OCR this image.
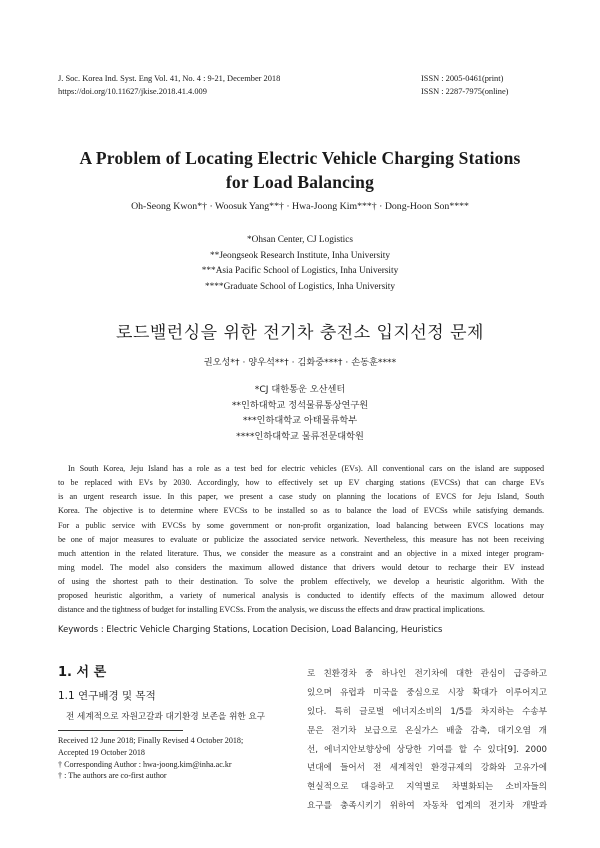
J. Soc. Korea Ind. Syst. Eng Vol. 41, No. 4 : 9-21, December 2018
https://doi.org/10.11627/jkise.2018.41.4.009
ISSN : 2005-0461(print)
ISSN : 2287-7975(online)
A Problem of Locating Electric Vehicle Charging Stations
for Load Balancing
Oh-Seong Kwon*† · Woosuk Yang**† · Hwa-Joong Kim***† · Dong-Hoon Son****
*Ohsan Center, CJ Logistics
**Jeongseok Research Institute, Inha University
***Asia Pacific School of Logistics, Inha University
****Graduate School of Logistics, Inha University
로드밸런싱을 위한 전기차 충전소 입지선정 문제
권오성*† · 양우석**† · 김화중***† · 손동훈****
*CJ 대한통운 오산센터
**인하대학교 정석물류통상연구원
***인하대학교 아태물류학부
****인하대학교 물류전문대학원
In South Korea, Jeju Island has a role as a test bed for electric vehicles (EVs). All conventional cars on the island are supposed
to be replaced with EVs by 2030. Accordingly, how to effectively set up EV charging stations (EVCSs) that can charge EVs
is an urgent research issue. In this paper, we present a case study on planning the locations of EVCS for Jeju Island, South
Korea. The objective is to determine where EVCSs to be installed so as to balance the load of EVCSs while satisfying demands.
For a public service with EVCSs by some government or non-profit organization, load balancing between EVCS locations may
be one of major measures to evaluate or publicize the associated service network. Nevertheless, this measure has not been receiving
much attention in the related literature. Thus, we consider the measure as a constraint and an objective in a mixed integer program-
ming model. The model also considers the maximum allowed distance that drivers would detour to recharge their EV instead
of using the shortest path to their destination. To solve the problem effectively, we develop a heuristic algorithm. With the
proposed heuristic algorithm, a variety of numerical analysis is conducted to identify effects of the maximum allowed detour
distance and the tightness of budget for installing EVCSs. From the analysis, we discuss the effects and draw practical implications.
Keywords : Electric Vehicle Charging Stations, Location Decision, Load Balancing, Heuristics
1. 서 론
1.1 연구배경 및 목적
전 세계적으로 자원고갈과 대기환경 보존을 위한 요구
Received 12 June 2018; Finally Revised 4 October 2018;
Accepted 19 October 2018
† Corresponding Author : hwa-joong.kim@inha.ac.kr
† : The authors are co-first author
로 친환경차 중 하나인 전기차에 대한 관심이 급증하고
있으며 유럽과 미국을 중심으로 시장 확대가 이루어지고
있다. 특히 글로벌 에너지소비의 1/5를 차지하는 수송부
문은 전기차 보급으로 온실가스 배출 감축, 대기오염 개
선, 에너지안보향상에 상당한 기여를 할 수 있다[9]. 2000
년대에 들어서 전 세계적인 환경규제의 강화와 고유가에
현실적으로 대응하고 지역별로 차별화되는 소비자들의
요구를 충족시키기 위하여 자동차 업계의 전기차 개발과
